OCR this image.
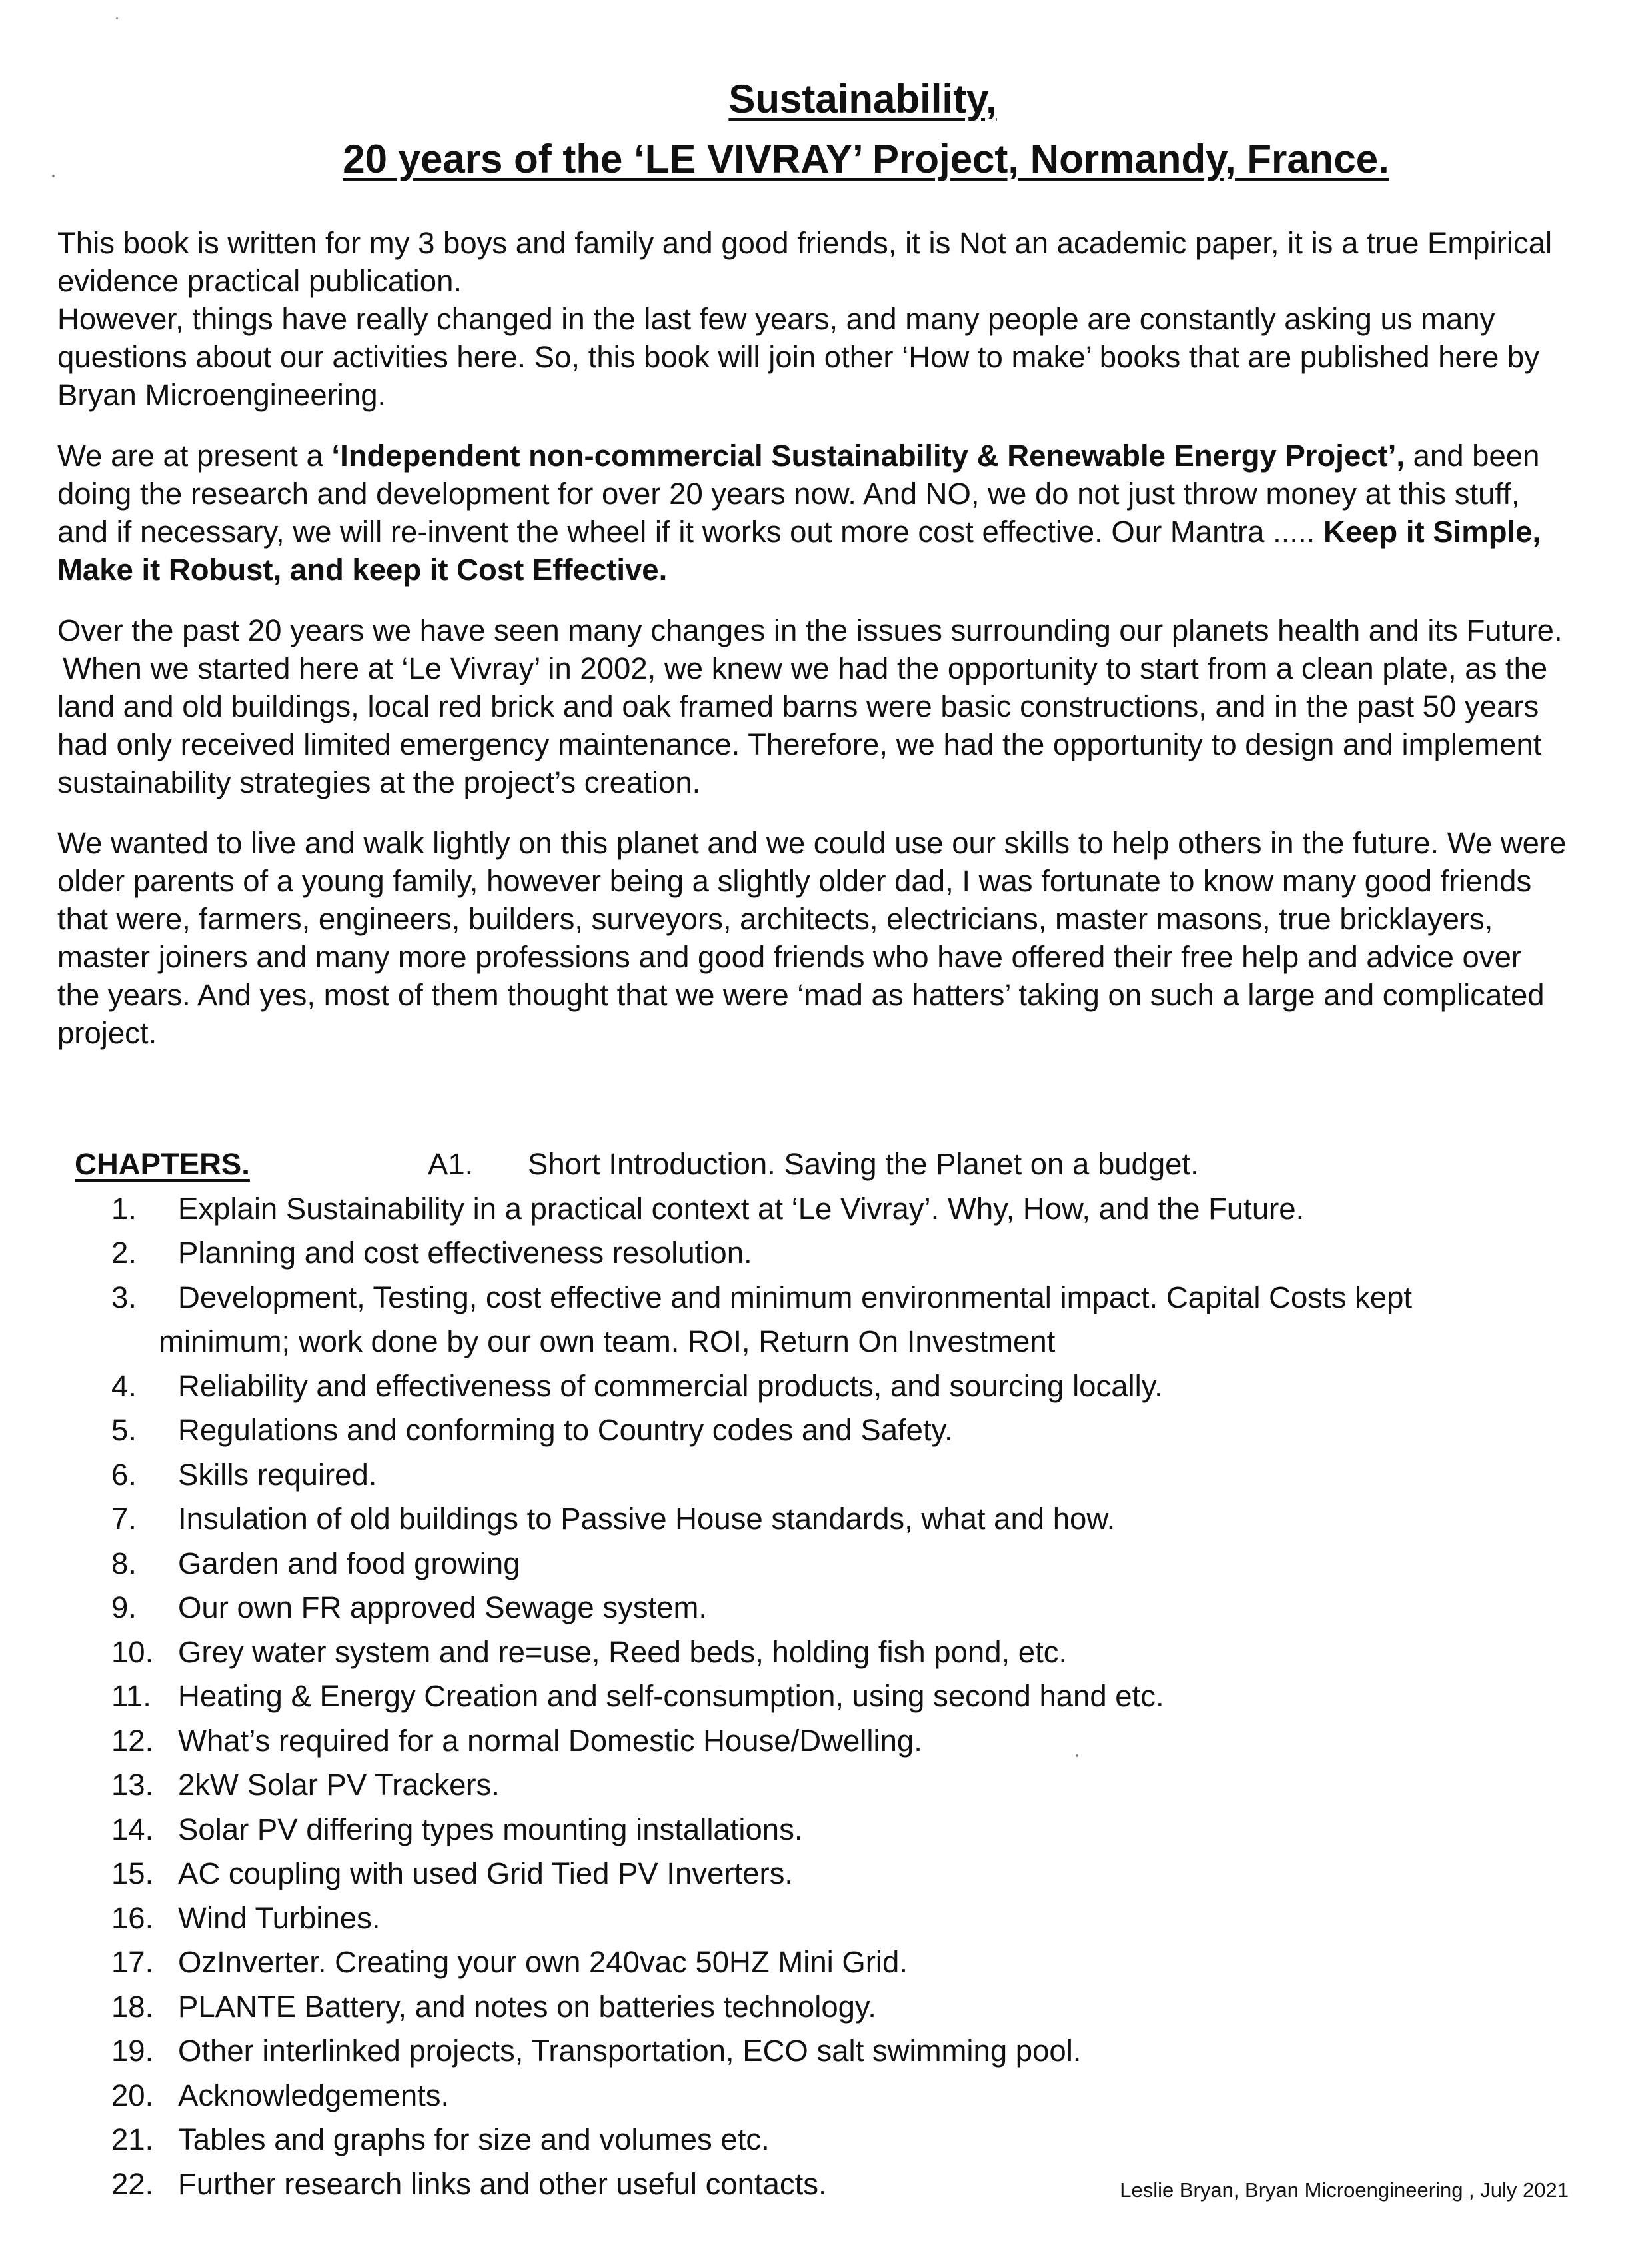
Sustainability,
20 years of the ‘LE VIVRAY’ Project, Normandy, France.

This book is written for my 3 boys and family and good friends, it is Not an academic paper, it is a true Empirical evidence practical publication.
However, things have really changed in the last few years, and many people are constantly asking us many questions about our activities here. So, this book will join other ‘How to make’ books that are published here by Bryan Microengineering.

We are at present a ‘Independent non-commercial Sustainability & Renewable Energy Project’, and been doing the research and development for over 20 years now. And NO, we do not just throw money at this stuff, and if necessary, we will re-invent the wheel if it works out more cost effective. Our Mantra ..... Keep it Simple, Make it Robust, and keep it Cost Effective.

Over the past 20 years we have seen many changes in the issues surrounding our planets health and its Future.
When we started here at ‘Le Vivray’ in 2002, we knew we had the opportunity to start from a clean plate, as the land and old buildings, local red brick and oak framed barns were basic constructions, and in the past 50 years had only received limited emergency maintenance. Therefore, we had the opportunity to design and implement sustainability strategies at the project’s creation.

We wanted to live and walk lightly on this planet and we could use our skills to help others in the future. We were older parents of a young family, however being a slightly older dad, I was fortunate to know many good friends that were, farmers, engineers, builders, surveyors, architects, electricians, master masons, true bricklayers, master joiners and many more professions and good friends who have offered their free help and advice over the years. And yes, most of them thought that we were ‘mad as hatters’ taking on such a large and complicated project.

CHAPTERS.	A1.	Short Introduction. Saving the Planet on a budget.
1.	Explain Sustainability in a practical context at ‘Le Vivray’. Why, How, and the Future.
2.	Planning and cost effectiveness resolution.
3.	Development, Testing, cost effective and minimum environmental impact. Capital Costs kept
minimum; work done by our own team. ROI, Return On Investment
4.	Reliability and effectiveness of commercial products, and sourcing locally.
5.	Regulations and conforming to Country codes and Safety.
6.	Skills required.
7.	Insulation of old buildings to Passive House standards, what and how.
8.	Garden and food growing
9.	Our own FR approved Sewage system.
10. Grey water system and re=use, Reed beds, holding fish pond, etc.
11. Heating & Energy Creation and self-consumption, using second hand etc.
12. What’s required for a normal Domestic House/Dwelling.
13. 2kW Solar PV Trackers.
14. Solar PV differing types mounting installations.
15. AC coupling with used Grid Tied PV Inverters.
16. Wind Turbines.
17. OzInverter. Creating your own 240vac 50HZ Mini Grid.
18. PLANTE Battery, and notes on batteries technology.
19. Other interlinked projects, Transportation, ECO salt swimming pool.
20. Acknowledgements.
21. Tables and graphs for size and volumes etc.
22. Further research links and other useful contacts.	Leslie Bryan, Bryan Microengineering , July 2021
